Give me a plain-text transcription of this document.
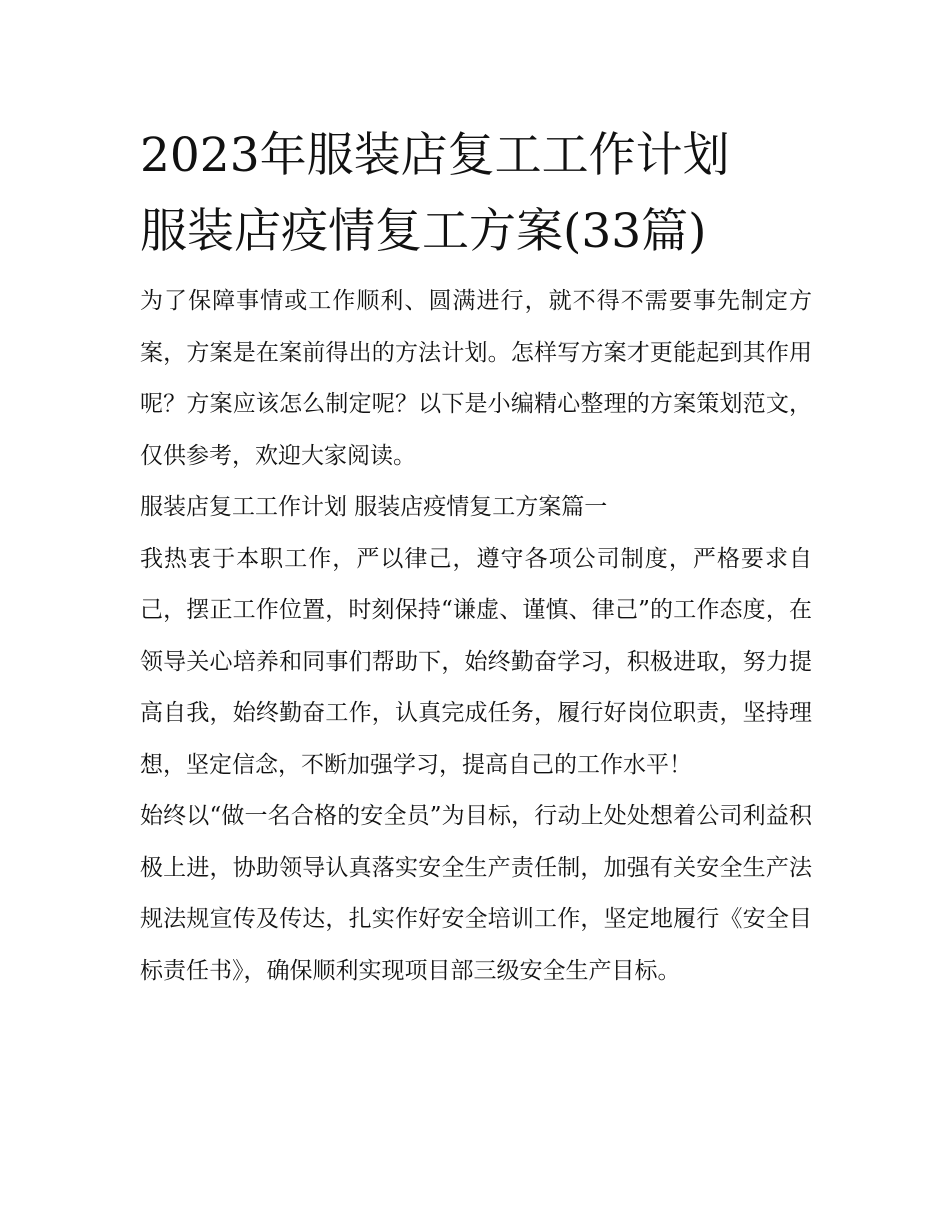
2023年服装店复工工作计划
服装店疫情复工方案(33篇)

为了保障事情或工作顺利、圆满进行，就不得不需要事先制定方案，方案是在案前得出的方法计划。怎样写方案才更能起到其作用呢？方案应该怎么制定呢？以下是小编精心整理的方案策划范文，仅供参考，欢迎大家阅读。

服装店复工工作计划 服装店疫情复工方案篇一

我热衷于本职工作，严以律己，遵守各项公司制度，严格要求自己，摆正工作位置，时刻保持“谦虚、谨慎、律己”的工作态度，在领导关心培养和同事们帮助下，始终勤奋学习，积极进取，努力提高自我，始终勤奋工作，认真完成任务，履行好岗位职责，坚持理想，坚定信念，不断加强学习，提高自己的工作水平！

始终以“做一名合格的安全员”为目标，行动上处处想着公司利益积极上进，协助领导认真落实安全生产责任制，加强有关安全生产法规法规宣传及传达，扎实作好安全培训工作，坚定地履行《安全目标责任书》，确保顺利实现项目部三级安全生产目标。
